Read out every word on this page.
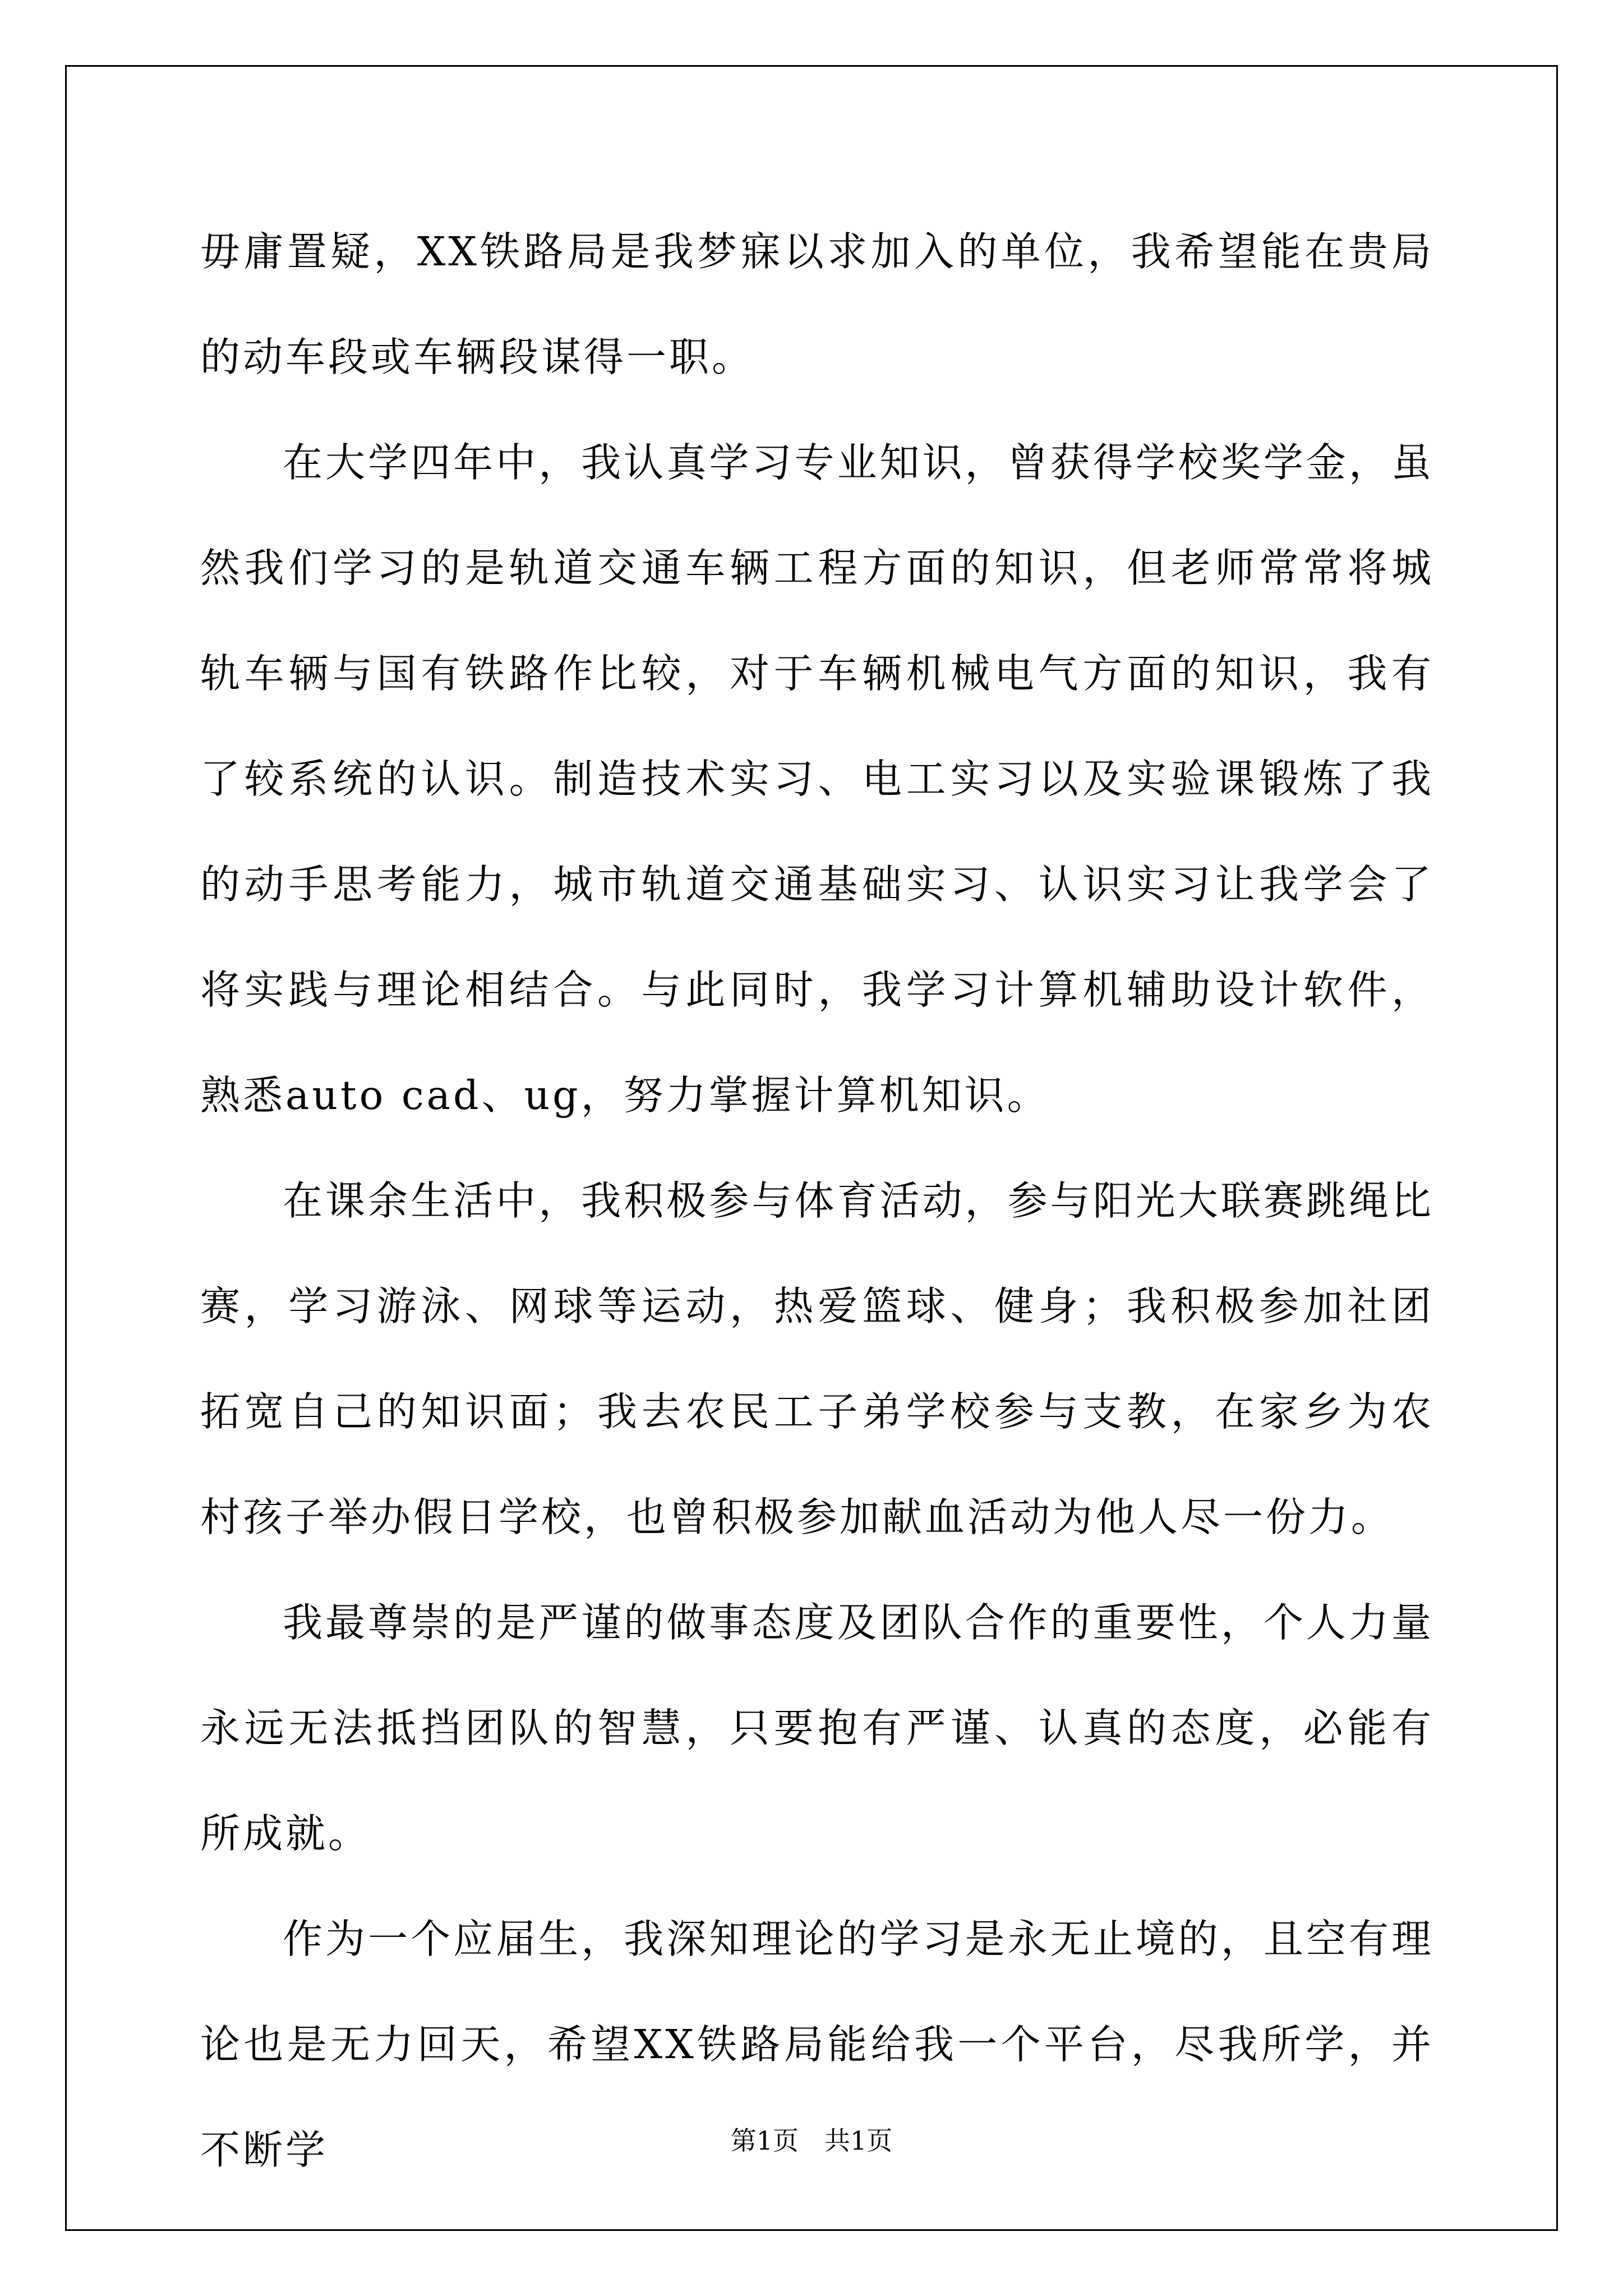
毋庸置疑，XX铁路局是我梦寐以求加入的单位，我希望能在贵局的动车段或车辆段谋得一职。

在大学四年中，我认真学习专业知识，曾获得学校奖学金，虽然我们学习的是轨道交通车辆工程方面的知识，但老师常常将城轨车辆与国有铁路作比较，对于车辆机械电气方面的知识，我有了较系统的认识。制造技术实习、电工实习以及实验课锻炼了我的动手思考能力，城市轨道交通基础实习、认识实习让我学会了将实践与理论相结合。与此同时，我学习计算机辅助设计软件，熟悉auto cad、ug，努力掌握计算机知识。

在课余生活中，我积极参与体育活动，参与阳光大联赛跳绳比赛，学习游泳、网球等运动，热爱篮球、健身；我积极参加社团拓宽自己的知识面；我去农民工子弟学校参与支教，在家乡为农村孩子举办假日学校，也曾积极参加献血活动为他人尽一份力。

我最尊崇的是严谨的做事态度及团队合作的重要性，个人力量永远无法抵挡团队的智慧，只要抱有严谨、认真的态度，必能有所成就。

作为一个应届生，我深知理论的学习是永无止境的，且空有理论也是无力回天，希望XX铁路局能给我一个平台，尽我所学，并不断学	第1页 共1页
